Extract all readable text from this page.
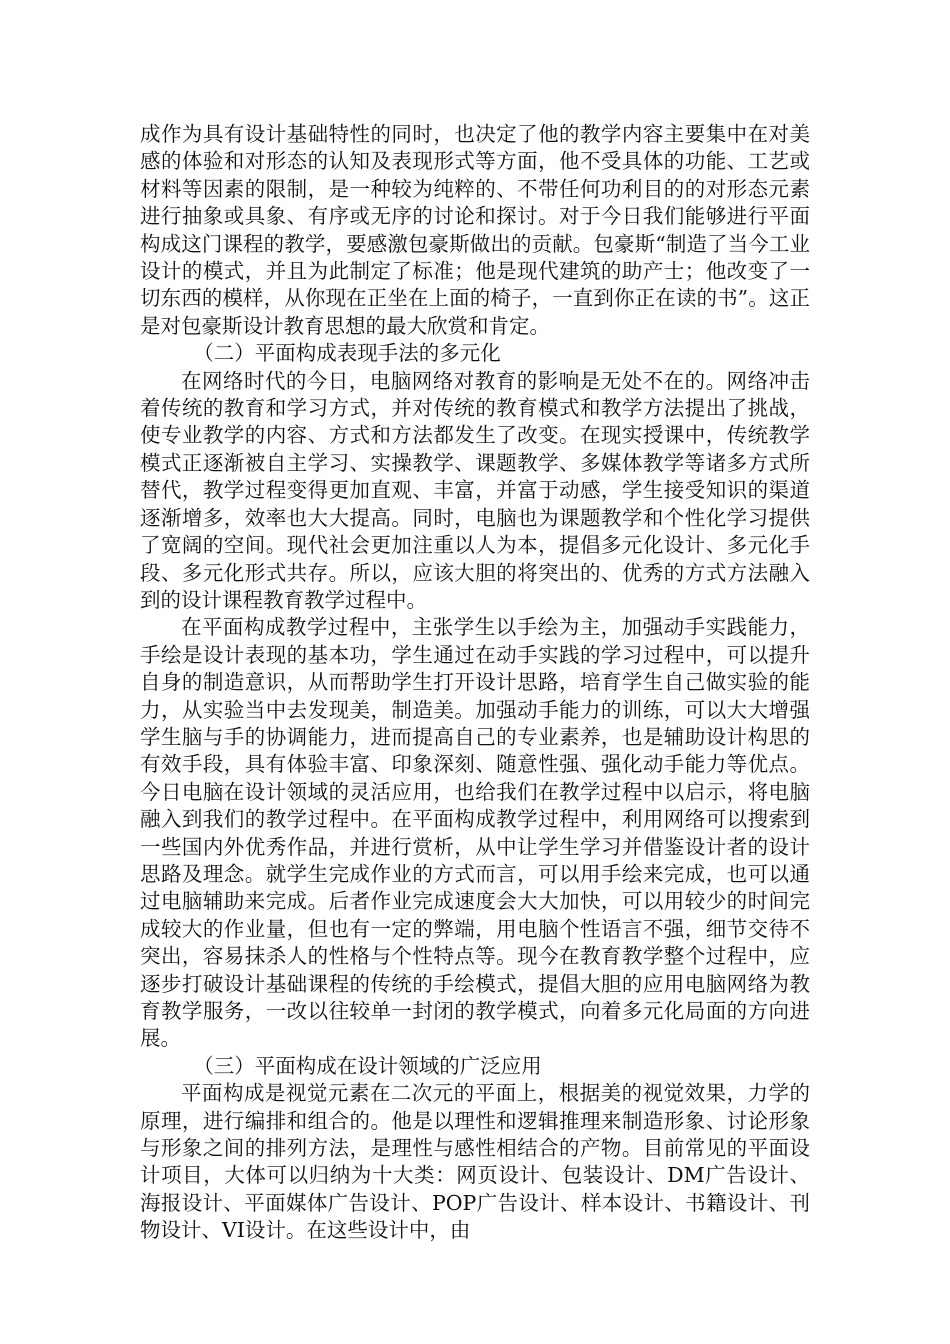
成作为具有设计基础特性的同时，也决定了他的教学内容主要集中在对美感的体验和对形态的认知及表现形式等方面，他不受具体的功能、工艺或材料等因素的限制，是一种较为纯粹的、不带任何功利目的的对形态元素进行抽象或具象、有序或无序的讨论和探讨。对于今日我们能够进行平面构成这门课程的教学，要感激包豪斯做出的贡献。包豪斯“制造了当今工业设计的模式，并且为此制定了标准；他是现代建筑的助产士；他改变了一切东西的模样，从你现在正坐在上面的椅子，一直到你正在读的书”。这正是对包豪斯设计教育思想的最大欣赏和肯定。

（二）平面构成表现手法的多元化

在网络时代的今日，电脑网络对教育的影响是无处不在的。网络冲击着传统的教育和学习方式，并对传统的教育模式和教学方法提出了挑战，使专业教学的内容、方式和方法都发生了改变。在现实授课中，传统教学模式正逐渐被自主学习、实操教学、课题教学、多媒体教学等诸多方式所替代，教学过程变得更加直观、丰富，并富于动感，学生接受知识的渠道逐渐增多，效率也大大提高。同时，电脑也为课题教学和个性化学习提供了宽阔的空间。现代社会更加注重以人为本，提倡多元化设计、多元化手段、多元化形式共存。所以，应该大胆的将突出的、优秀的方式方法融入到的设计课程教育教学过程中。

在平面构成教学过程中，主张学生以手绘为主，加强动手实践能力，手绘是设计表现的基本功，学生通过在动手实践的学习过程中，可以提升自身的制造意识，从而帮助学生打开设计思路，培育学生自己做实验的能力，从实验当中去发现美，制造美。加强动手能力的训练，可以大大增强学生脑与手的协调能力，进而提高自己的专业素养，也是辅助设计构思的有效手段，具有体验丰富、印象深刻、随意性强、强化动手能力等优点。今日电脑在设计领域的灵活应用，也给我们在教学过程中以启示，将电脑融入到我们的教学过程中。在平面构成教学过程中，利用网络可以搜索到一些国内外优秀作品，并进行赏析，从中让学生学习并借鉴设计者的设计思路及理念。就学生完成作业的方式而言，可以用手绘来完成，也可以通过电脑辅助来完成。后者作业完成速度会大大加快，可以用较少的时间完成较大的作业量，但也有一定的弊端，用电脑个性语言不强，细节交待不突出，容易抹杀人的性格与个性特点等。现今在教育教学整个过程中，应逐步打破设计基础课程的传统的手绘模式，提倡大胆的应用电脑网络为教育教学服务，一改以往较单一封闭的教学模式，向着多元化局面的方向进展。

（三）平面构成在设计领域的广泛应用

平面构成是视觉元素在二次元的平面上，根据美的视觉效果，力学的原理，进行编排和组合的。他是以理性和逻辑推理来制造形象、讨论形象与形象之间的排列方法，是理性与感性相结合的产物。目前常见的平面设计项目，大体可以归纳为十大类：网页设计、包装设计、DM广告设计、海报设计、平面媒体广告设计、POP广告设计、样本设计、书籍设计、刊物设计、VI设计。在这些设计中，由
